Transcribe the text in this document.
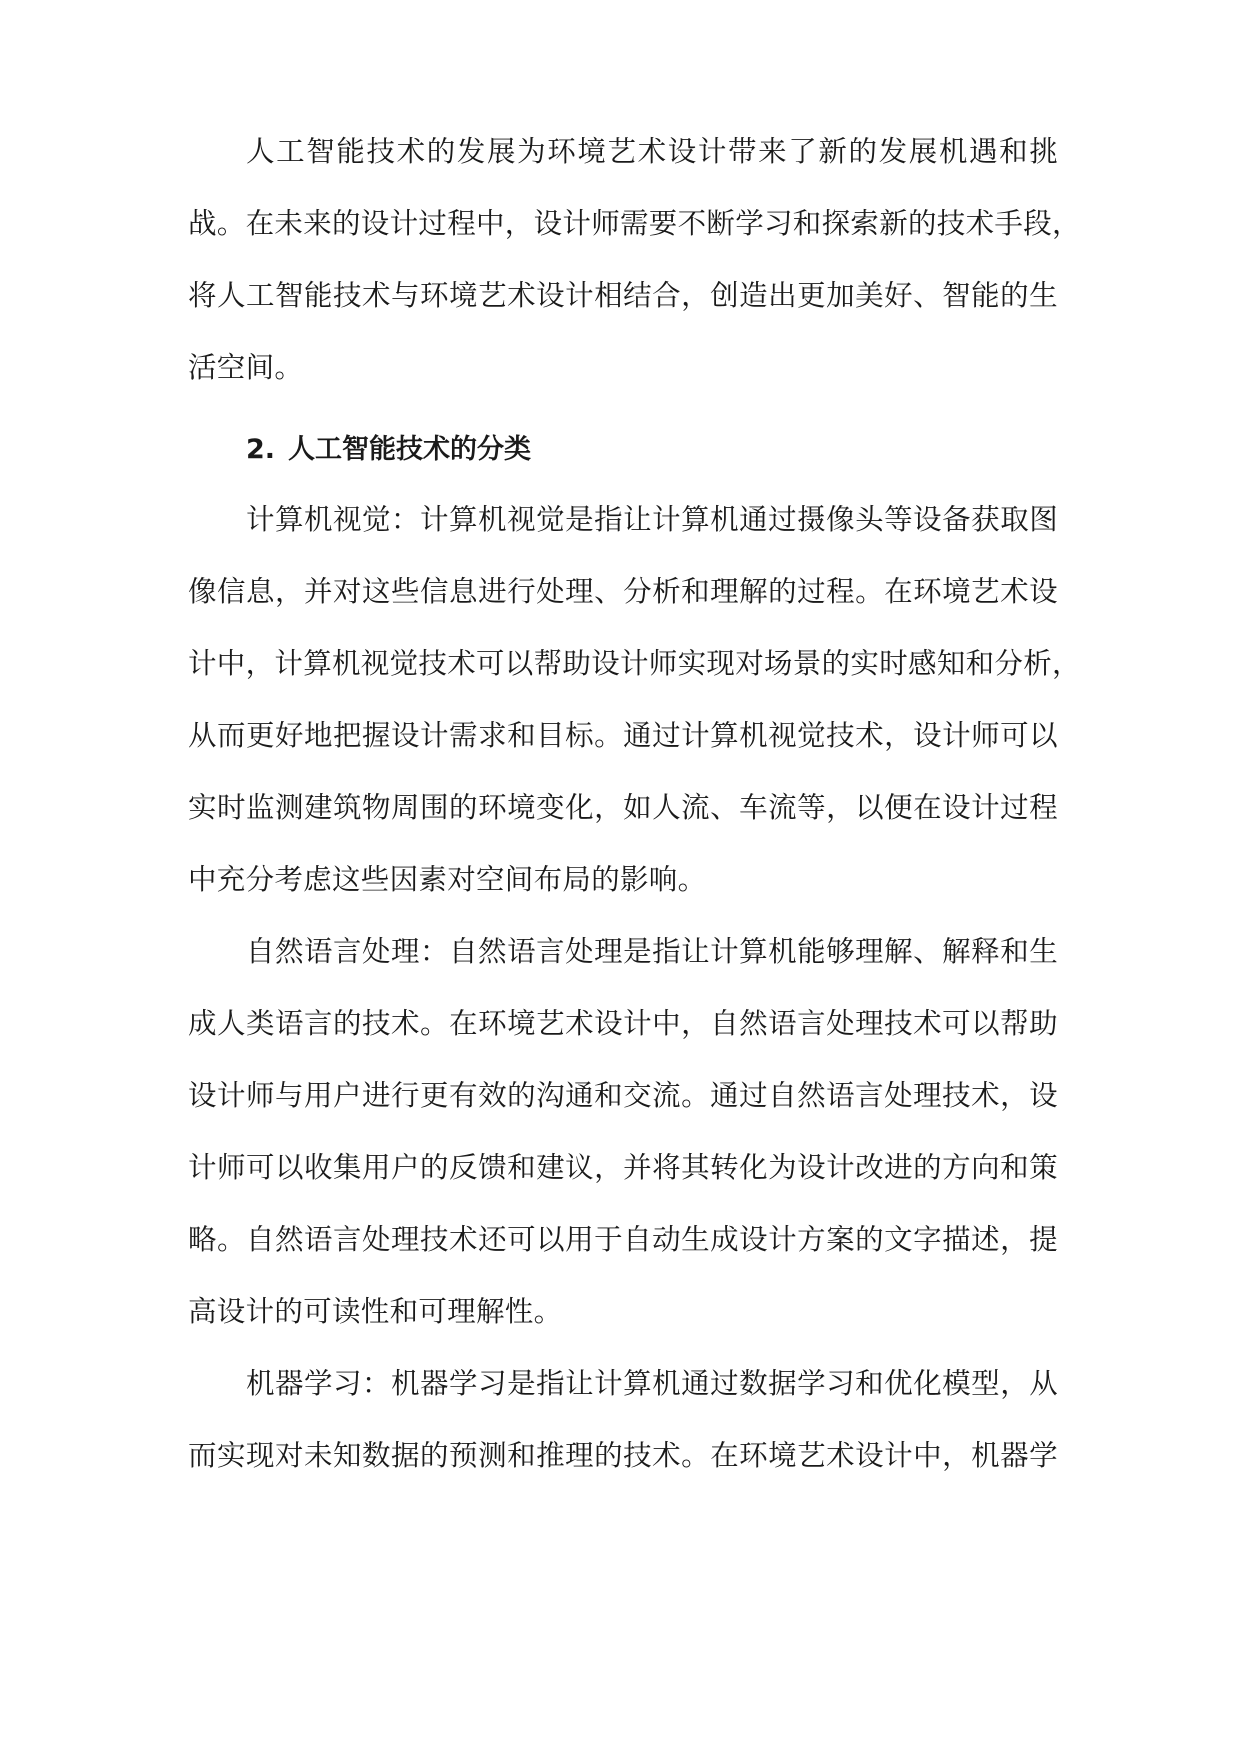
人工智能技术的发展为环境艺术设计带来了新的发展机遇和挑
战。在未来的设计过程中，设计师需要不断学习和探索新的技术手段，
将人工智能技术与环境艺术设计相结合，创造出更加美好、智能的生
活空间。
2. 人工智能技术的分类
计算机视觉：计算机视觉是指让计算机通过摄像头等设备获取图
像信息，并对这些信息进行处理、分析和理解的过程。在环境艺术设
计中，计算机视觉技术可以帮助设计师实现对场景的实时感知和分析，
从而更好地把握设计需求和目标。通过计算机视觉技术，设计师可以
实时监测建筑物周围的环境变化，如人流、车流等，以便在设计过程
中充分考虑这些因素对空间布局的影响。
自然语言处理：自然语言处理是指让计算机能够理解、解释和生
成人类语言的技术。在环境艺术设计中，自然语言处理技术可以帮助
设计师与用户进行更有效的沟通和交流。通过自然语言处理技术，设
计师可以收集用户的反馈和建议，并将其转化为设计改进的方向和策
略。自然语言处理技术还可以用于自动生成设计方案的文字描述，提
高设计的可读性和可理解性。
机器学习：机器学习是指让计算机通过数据学习和优化模型，从
而实现对未知数据的预测和推理的技术。在环境艺术设计中，机器学
